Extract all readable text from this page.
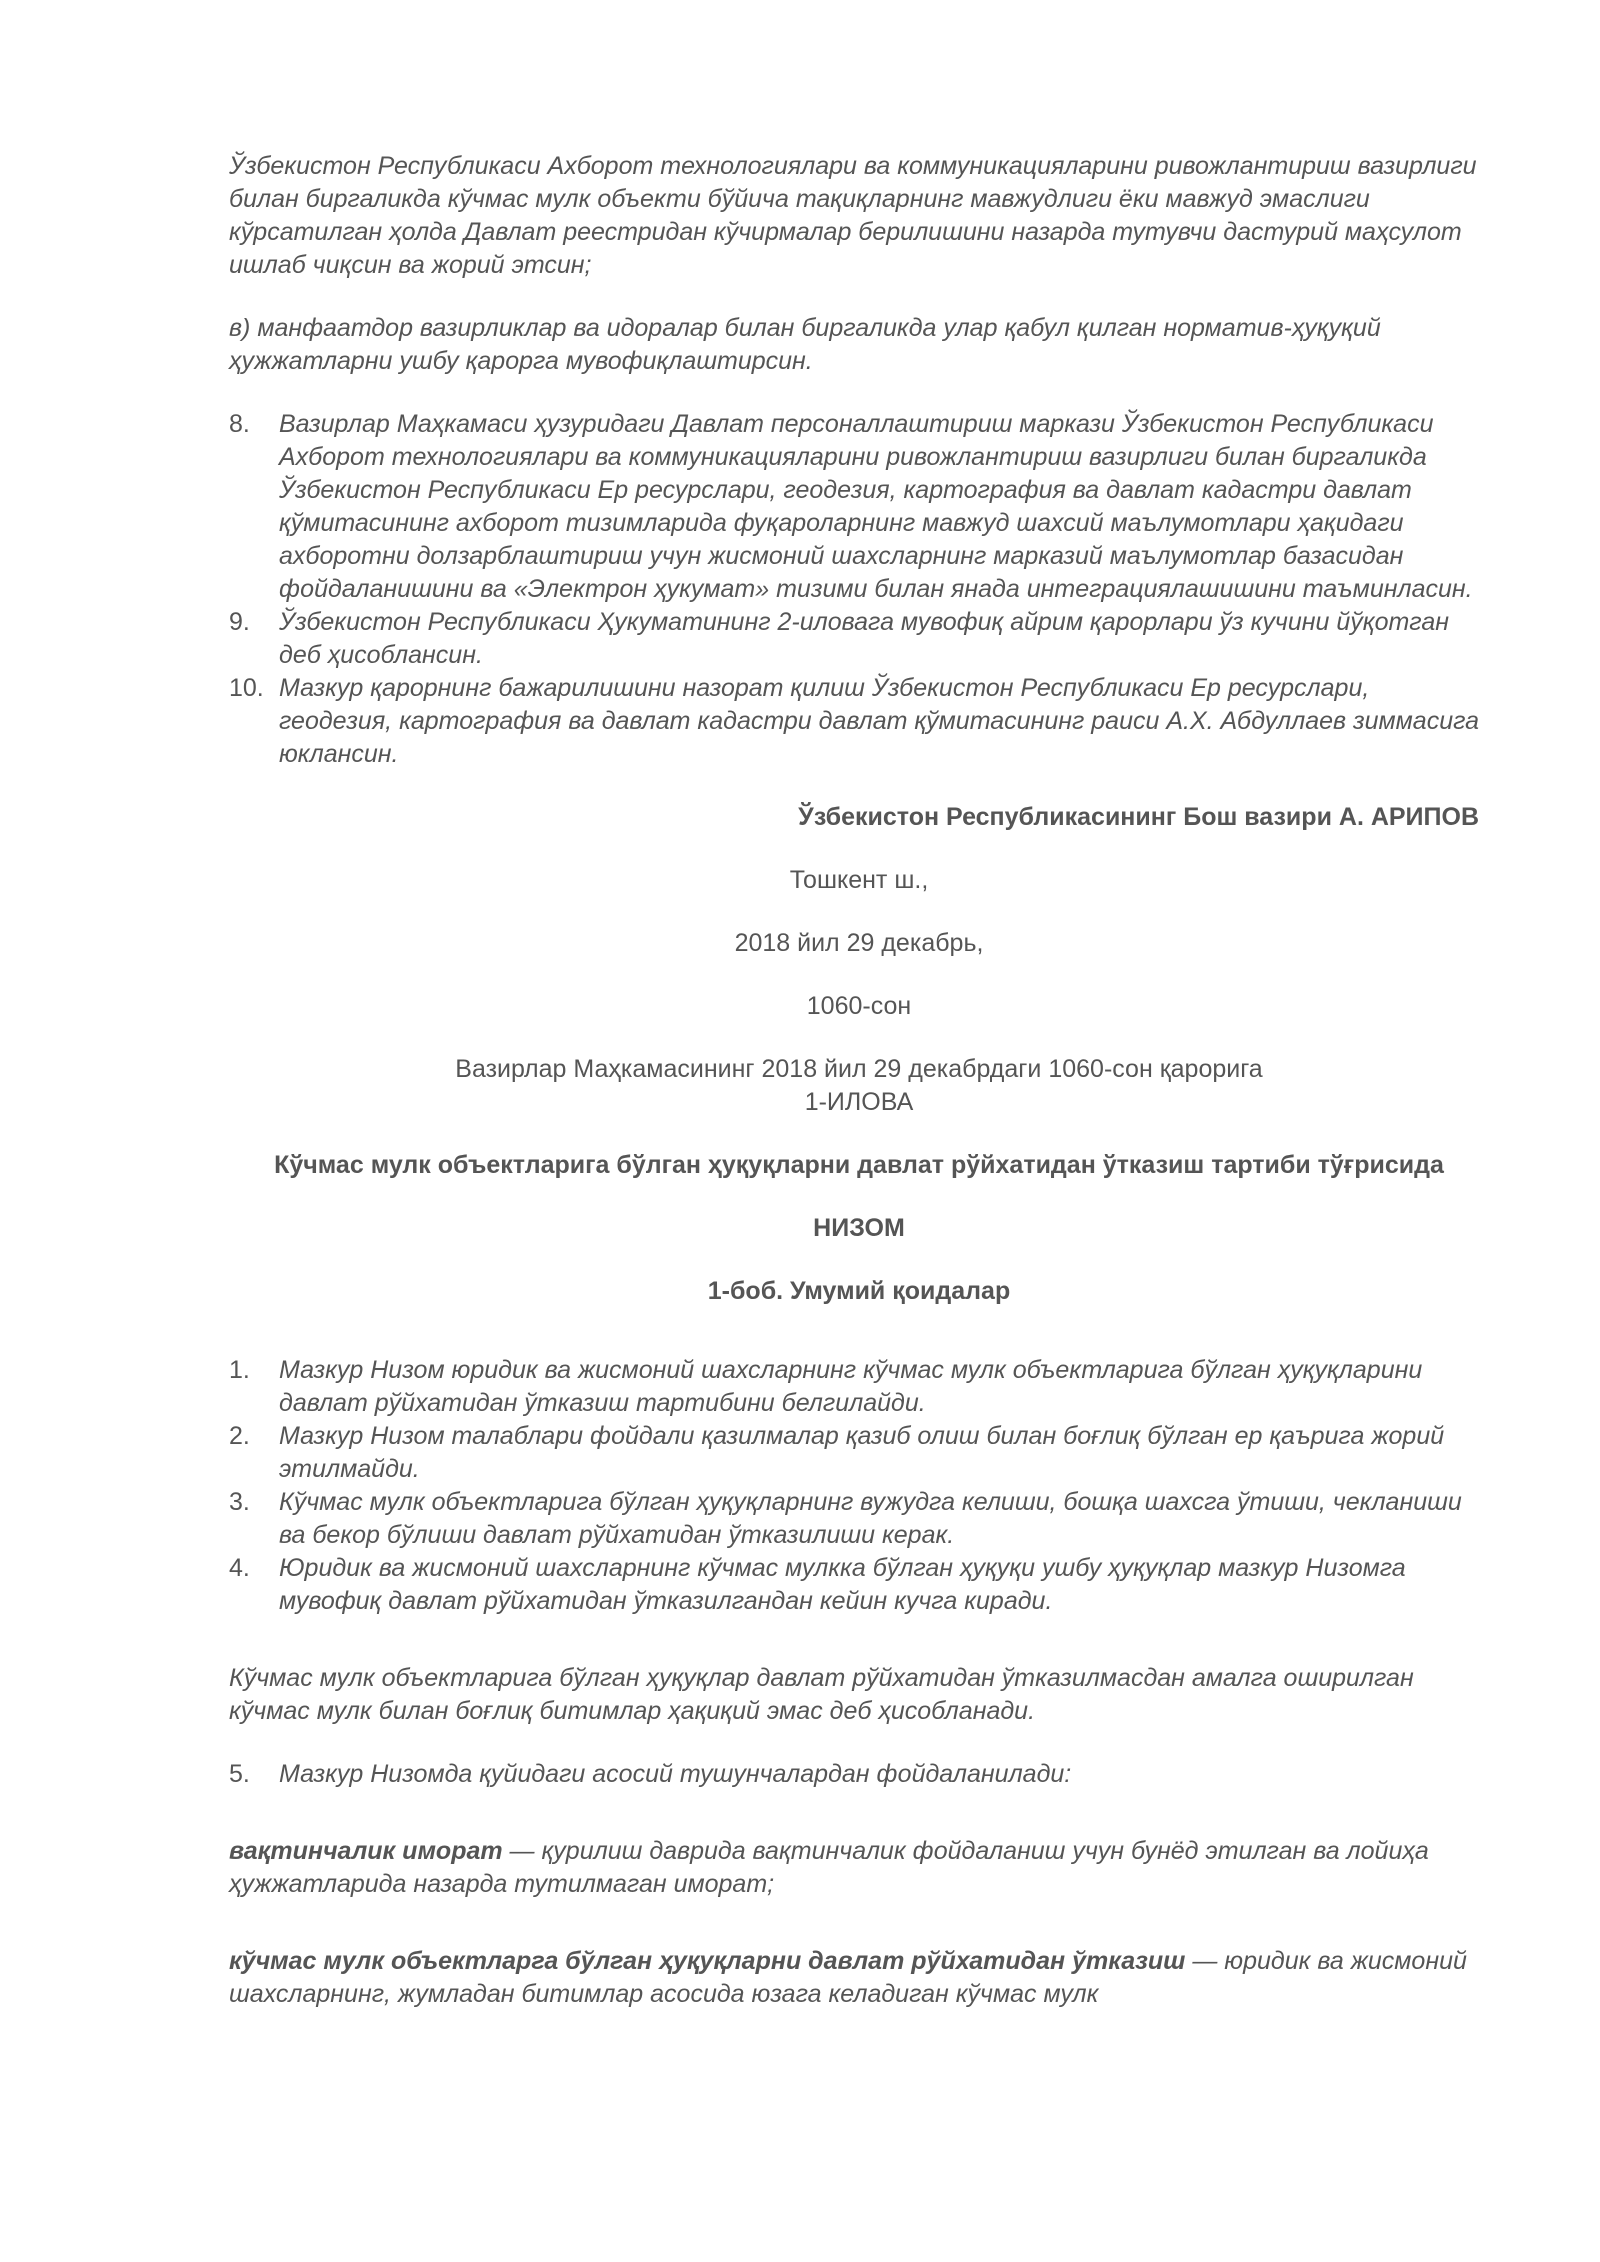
Ўзбекистон Республикаси Ахборот технологиялари ва коммуникацияларини ривожлантириш вазирлиги билан биргаликда кўчмас мулк объекти бўйича тақиқларнинг мавжудлиги ёки мавжуд эмаслиги кўрсатилган ҳолда Давлат реестридан кўчирмалар берилишини назарда тутувчи дастурий маҳсулот ишлаб чиқсин ва жорий этсин;

в) манфаатдор вазирликлар ва идоралар билан биргаликда улар қабул қилган норматив-ҳуқуқий ҳужжатларни ушбу қарорга мувофиқлаштирсин.

8. Вазирлар Маҳкамаси ҳузуридаги Давлат персоналлаштириш маркази Ўзбекистон Республикаси Ахборот технологиялари ва коммуникацияларини ривожлантириш вазирлиги билан биргаликда Ўзбекистон Республикаси Ер ресурслари, геодезия, картография ва давлат кадастри давлат қўмитасининг ахборот тизимларида фуқароларнинг мавжуд шахсий маълумотлари ҳақидаги ахборотни долзарблаштириш учун жисмоний шахсларнинг марказий маълумотлар базасидан фойдаланишини ва «Электрон ҳукумат» тизими билан янада интеграциялашишини таъминласин.
9. Ўзбекистон Республикаси Ҳукуматининг 2-иловага мувофиқ айрим қарорлари ўз кучини йўқотган деб ҳисоблансин.
10. Мазкур қарорнинг бажарилишини назорат қилиш Ўзбекистон Республикаси Ер ресурслари, геодезия, картография ва давлат кадастри давлат қўмитасининг раиси А.Х. Абдуллаев зиммасига юклансин.

Ўзбекистон Республикасининг Бош вазири А. АРИПОВ

Тошкент ш.,

2018 йил 29 декабрь,

1060-сон

Вазирлар Маҳкамасининг 2018 йил 29 декабрдаги 1060-сон қарорига

1-ИЛОВА

Кўчмас мулк объектларига бўлган ҳуқуқларни давлат рўйхатидан ўтказиш тартиби тўғрисида

НИЗОМ

1-боб. Умумий қоидалар

1. Мазкур Низом юридик ва жисмоний шахсларнинг кўчмас мулк объектларига бўлган ҳуқуқларини давлат рўйхатидан ўтказиш тартибини белгилайди.
2. Мазкур Низом талаблари фойдали қазилмалар қазиб олиш билан боғлиқ бўлган ер қаърига жорий этилмайди.
3. Кўчмас мулк объектларига бўлган ҳуқуқларнинг вужудга келиши, бошқа шахсга ўтиши, чекланиши ва бекор бўлиши давлат рўйхатидан ўтказилиши керак.
4. Юридик ва жисмоний шахсларнинг кўчмас мулкка бўлган ҳуқуқи ушбу ҳуқуқлар мазкур Низомга мувофиқ давлат рўйхатидан ўтказилгандан кейин кучга киради.

Кўчмас мулк объектларига бўлган ҳуқуқлар давлат рўйхатидан ўтказилмасдан амалга оширилган кўчмас мулк билан боғлиқ битимлар ҳақиқий эмас деб ҳисобланади.

5. Мазкур Низомда қуйидаги асосий тушунчалардан фойдаланилади:

вақтинчалик иморат — қурилиш даврида вақтинчалик фойдаланиш учун бунёд этилган ва лойиҳа ҳужжатларида назарда тутилмаган иморат;

кўчмас мулк объектларга бўлган ҳуқуқларни давлат рўйхатидан ўтказиш — юридик ва жисмоний шахсларнинг, жумладан битимлар асосида юзага келадиган кўчмас мулк
